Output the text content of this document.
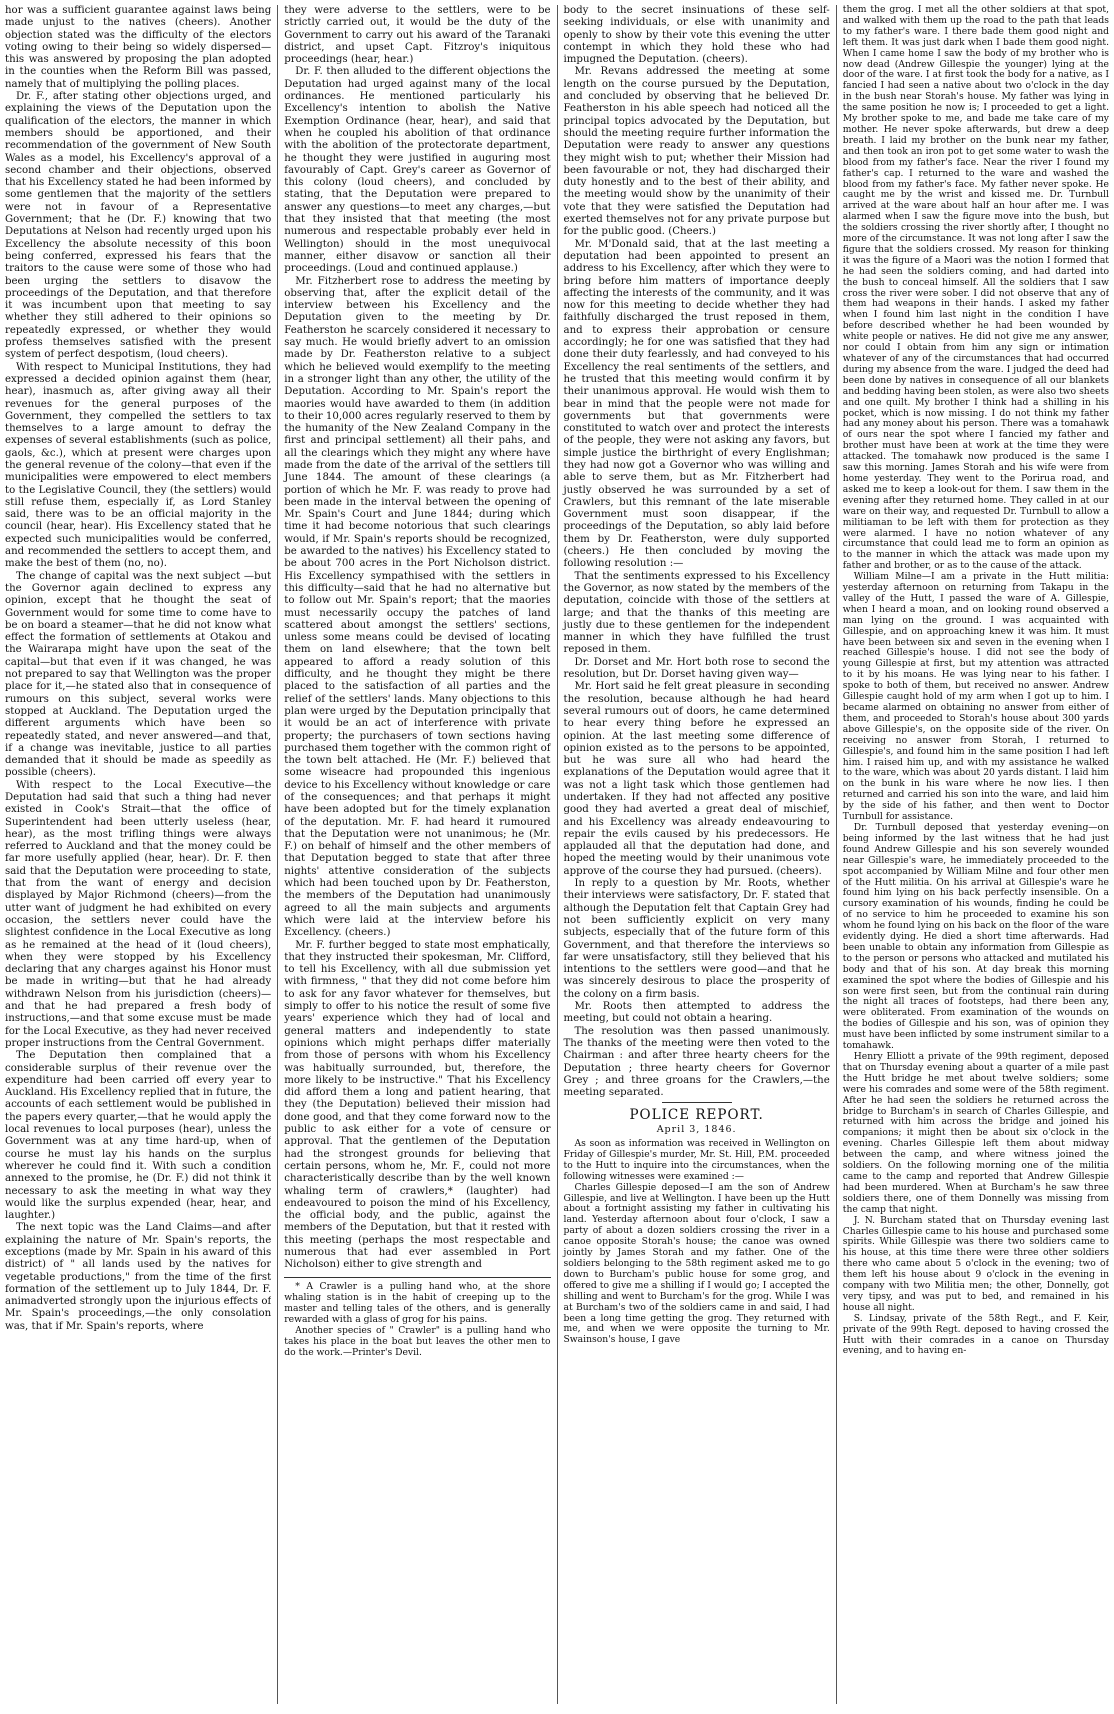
hor was a sufficient guarantee against laws being made unjust to the natives (cheers). Another objection stated was the difficulty of the electors voting owing to their being so widely dispersed—this was answered by proposing the plan adopted in the counties when the Reform Bill was passed, namely that of multiplying the polling places.

Dr. F., after stating other objections urged, and explaining the views of the Deputation upon the qualification of the electors, the manner in which members should be apportioned, and their recommendation of the government of New South Wales as a model, his Excellency's approval of a second chamber and their objections, observed that his Excellency stated he had been informed by some gentlemen that the majority of the settlers were not in favour of a Representative Government; that he (Dr. F.) knowing that two Deputations at Nelson had recently urged upon his Excellency the absolute necessity of this boon being conferred, expressed his fears that the traitors to the cause were some of those who had been urging the settlers to disavow the proceedings of the Deputation, and that therefore it was incumbent upon that meeting to say whether they still adhered to their opinions so repeatedly expressed, or whether they would profess themselves satisfied with the present system of perfect despotism, (loud cheers).

With respect to Municipal Institutions, they had expressed a decided opinion against them (hear, hear), inasmuch as, after giving away all their revenues for the general purposes of the Government, they compelled the settlers to tax themselves to a large amount to defray the expenses of several establishments (such as police, gaols, &c.), which at present were charges upon the general revenue of the colony—that even if the municipalities were empowered to elect members to the Legislative Council, they (the settlers) would still refuse them, especially if, as Lord Stanley said, there was to be an official majority in the council (hear, hear). His Excellency stated that he expected such municipalities would be conferred, and recommended the settlers to accept them, and make the best of them (no, no).

The change of capital was the next subject —but the Governor again declined to express any opinion, except that he thought the seat of Government would for some time to come have to be on board a steamer—that he did not know what effect the formation of settlements at Otakou and the Wairarapa might have upon the seat of the capital—but that even if it was changed, he was not prepared to say that Wellington was the proper place for it,—he stated also that in consequence of rumours on this subject, several works were stopped at Auckland. The Deputation urged the different arguments which have been so repeatedly stated, and never answered—and that, if a change was inevitable, justice to all parties demanded that it should be made as speedily as possible (cheers).

With respect to the Local Executive—the Deputation had said that such a thing had never existed in Cook's Strait—that the office of Superintendent had been utterly useless (hear, hear), as the most trifling things were always referred to Auckland and that the money could be far more usefully applied (hear, hear). Dr. F. then said that the Deputation were proceeding to state, that from the want of energy and decision displayed by Major Richmond (cheers)—from the utter want of judgment he had exhibited on every occasion, the settlers never could have the slightest confidence in the Local Executive as long as he remained at the head of it (loud cheers), when they were stopped by his Excellency declaring that any charges against his Honor must be made in writing—but that he had already withdrawn Nelson from his jurisdiction (cheers)—and that he had prepared a fresh body of instructions,—and that some excuse must be made for the Local Executive, as they had never received proper instructions from the Central Government.

The Deputation then complained that a considerable surplus of their revenue over the expenditure had been carried off every year to Auckland. His Excellency replied that in future, the accounts of each settlement would be published in the papers every quarter,—that he would apply the local revenues to local purposes (hear), unless the Government was at any time hard-up, when of course he must lay his hands on the surplus wherever he could find it. With such a condition annexed to the promise, he (Dr. F.) did not think it necessary to ask the meeting in what way they would like the surplus expended (hear, hear, and laughter.)

The next topic was the Land Claims—and after explaining the nature of Mr. Spain's reports, the exceptions (made by Mr. Spain in his award of this district) of " all lands used by the natives for vegetable productions," from the time of the first formation of the settlement up to July 1844, Dr. F. animadverted strongly upon the injurious effects of Mr. Spain's proceedings,—the only consolation was, that if Mr. Spain's reports, where

they were adverse to the settlers, were to be strictly carried out, it would be the duty of the Government to carry out his award of the Taranaki district, and upset Capt. Fitzroy's iniquitous proceedings (hear, hear.)

Dr. F. then alluded to the different objections the Deputation had urged against many of the local ordinances. He mentioned particularly his Excellency's intention to abolish the Native Exemption Ordinance (hear, hear), and said that when he coupled his abolition of that ordinance with the abolition of the protectorate department, he thought they were justified in auguring most favourably of Capt. Grey's career as Governor of this colony (loud cheers), and concluded by stating, that the Deputation were prepared to answer any questions—to meet any charges,—but that they insisted that that meeting (the most numerous and respectable probably ever held in Wellington) should in the most unequivocal manner, either disavow or sanction all their proceedings. (Loud and continued applause.)

Mr. Fitzherbert rose to address the meeting by observing that, after the explicit detail of the interview between his Excellency and the Deputation given to the meeting by Dr. Featherston he scarcely considered it necessary to say much. He would briefly advert to an omission made by Dr. Featherston relative to a subject which he believed would exemplify to the meeting in a stronger light than any other, the utility of the Deputation. According to Mr. Spain's report the maories would have awarded to them (in addition to their 10,000 acres regularly reserved to them by the humanity of the New Zealand Company in the first and principal settlement) all their pahs, and all the clearings which they might any where have made from the date of the arrival of the settlers till June 1844. The amount of these clearings (a portion of which he Mr. F. was ready to prove had been made in the interval between the opening of Mr. Spain's Court and June 1844; during which time it had become notorious that such clearings would, if Mr. Spain's reports should be recognized, be awarded to the natives) his Excellency stated to be about 700 acres in the Port Nicholson district. His Excellency sympathised with the settlers in this difficulty—said that he had no alternative but to follow out Mr. Spain's report; that the maories must necessarily occupy the patches of land scattered about amongst the settlers' sections, unless some means could be devised of locating them on land elsewhere; that the town belt appeared to afford a ready solution of this difficulty, and he thought they might be there placed to the satisfaction of all parties and the relief of the settlers' lands. Many objections to this plan were urged by the Deputation principally that it would be an act of interference with private property; the purchasers of town sections having purchased them together with the common right of the town belt attached. He (Mr. F.) believed that some wiseacre had propounded this ingenious device to his Excellency without knowledge or care of the consequences; and that perhaps it might have been adopted but for the timely explanation of the deputation. Mr. F. had heard it rumoured that the Deputation were not unanimous; he (Mr. F.) on behalf of himself and the other members of that Deputation begged to state that after three nights' attentive consideration of the subjects which had been touched upon by Dr. Featherston, the members of the Deputation had unanimously agreed to all the main subjects and arguments which were laid at the interview before his Excellency. (cheers.)

Mr. F. further begged to state most emphatically, that they instructed their spokesman, Mr. Clifford, to tell his Excellency, with all due submission yet with firmness, " that they did not come before him to ask for any favor whatever for themselves, but simply to offer to his notice the result of some five years' experience which they had of local and general matters and independently to state opinions which might perhaps differ materially from those of persons with whom his Excellency was habitually surrounded, but, therefore, the more likely to be instructive." That his Excellency did afford them a long and patient hearing, that they (the Deputation) believed their mission had done good, and that they come forward now to the public to ask either for a vote of censure or approval. That the gentlemen of the Deputation had the strongest grounds for believing that certain persons, whom he, Mr. F., could not more characteristically describe than by the well known whaling term of crawlers,* (laughter) had endeavoured to poison the mind of his Excellency, the official body, and the public, against the members of the Deputation, but that it rested with this meeting (perhaps the most respectable and numerous that had ever assembled in Port Nicholson) either to give strength and

* A Crawler is a pulling hand who, at the shore whaling station is in the habit of creeping up to the master and telling tales of the others, and is generally rewarded with a glass of grog for his pains.

Another species of " Crawler" is a pulling hand who takes his place in the boat but leaves the other men to do the work.—Printer's Devil.

body to the secret insinuations of these self-seeking individuals, or else with unanimity and openly to show by their vote this evening the utter contempt in which they hold these who had impugned the Deputation. (cheers).

Mr. Revans addressed the meeting at some length on the course pursued by the Deputation, and concluded by observing that he believed Dr. Featherston in his able speech had noticed all the principal topics advocated by the Deputation, but should the meeting require further information the Deputation were ready to answer any questions they might wish to put; whether their Mission had been favourable or not, they had discharged their duty honestly and to the best of their ability, and the meeting would show by the unanimity of their vote that they were satisfied the Deputation had exerted themselves not for any private purpose but for the public good. (Cheers.)

Mr. M'Donald said, that at the last meeting a deputation had been appointed to present an address to his Excellency, after which they were to bring before him matters of importance deeply affecting the interests of the community, and it was now for this meeting to decide whether they had faithfully discharged the trust reposed in them, and to express their approbation or censure accordingly; he for one was satisfied that they had done their duty fearlessly, and had conveyed to his Excellency the real sentiments of the settlers, and he trusted that this meeting would confirm it by their unanimous approval. He would wish them to bear in mind that the people were not made for governments but that governments were constituted to watch over and protect the interests of the people, they were not asking any favors, but simple justice the birthright of every Englishman; they had now got a Governor who was willing and able to serve them, but as Mr. Fitzherbert had justly observed he was surrounded by a set of Crawlers, but this remnant of the late miserable Government must soon disappear, if the proceedings of the Deputation, so ably laid before them by Dr. Featherston, were duly supported (cheers.) He then concluded by moving the following resolution :—

That the sentiments expressed to his Excellency the Governor, as now stated by the members of the deputation, coincide with those of the settlers at large; and that the thanks of this meeting are justly due to these gentlemen for the independent manner in which they have fulfilled the trust reposed in them.

Dr. Dorset and Mr. Hort both rose to second the resolution, but Dr. Dorset having given way—

Mr. Hort said he felt great pleasure in seconding the resolution, because although he had heard several rumours out of doors, he came determined to hear every thing before he expressed an opinion. At the last meeting some difference of opinion existed as to the persons to be appointed, but he was sure all who had heard the explanations of the Deputation would agree that it was not a light task which those gentlemen had undertaken. If they had not affected any positive good they had averted a great deal of mischief, and his Excellency was already endeavouring to repair the evils caused by his predecessors. He applauded all that the deputation had done, and hoped the meeting would by their unanimous vote approve of the course they had pursued. (cheers).

In reply to a question by Mr. Roots, whether their interviews were satisfactory, Dr. F. stated that although the Deputation felt that Captain Grey had not been sufficiently explicit on very many subjects, especially that of the future form of this Government, and that therefore the interviews so far were unsatisfactory, still they believed that his intentions to the settlers were good—and that he was sincerely desirous to place the prosperity of the colony on a firm basis.

Mr. Roots then attempted to address the meeting, but could not obtain a hearing.

The resolution was then passed unanimously. The thanks of the meeting were then voted to the Chairman : and after three hearty cheers for the Deputation ; three hearty cheers for Governor Grey ; and three groans for the Crawlers,—the meeting separated.

POLICE REPORT.
April 3, 1846.

As soon as information was received in Wellington on Friday of Gillespie's murder, Mr. St. Hill, P.M. proceeded to the Hutt to inquire into the circumstances, when the following witnesses were examined :—

Charles Gillespie deposed—I am the son of Andrew Gillespie, and live at Wellington. I have been up the Hutt about a fortnight assisting my father in cultivating his land. Yesterday afternoon about four o'clock, I saw a party of about a dozen soldiers crossing the river in a canoe opposite Storah's house; the canoe was owned jointly by James Storah and my father. One of the soldiers belonging to the 58th regiment asked me to go down to Burcham's public house for some grog, and offered to give me a shilling if I would go; I accepted the shilling and went to Burcham's for the grog. While I was at Burcham's two of the soldiers came in and said, I had been a long time getting the grog. They returned with me, and when we were opposite the turning to Mr. Swainson's house, I gave

them the grog. I met all the other soldiers at that spot, and walked with them up the road to the path that leads to my father's ware. I there bade them good night and left them. It was just dark when I bade them good night. When I came home I saw the body of my brother who is now dead (Andrew Gillespie the younger) lying at the door of the ware. I at first took the body for a native, as I fancied I had seen a native about two o'clock in the day in the bush near Storah's house. My father was lying in the same position he now is; I proceeded to get a light. My brother spoke to me, and bade me take care of my mother. He never spoke afterwards, but drew a deep breath. I laid my brother on the bunk near my father, and then took an iron pot to get some water to wash the blood from my father's face. Near the river I found my father's cap. I returned to the ware and washed the blood from my father's face. My father never spoke. He caught me by the wrist and kissed me. Dr. Turnbull arrived at the ware about half an hour after me. I was alarmed when I saw the figure move into the bush, but the soldiers crossing the river shortly after, I thought no more of the circumstance. It was not long after I saw the figure that the soldiers crossed. My reason for thinking it was the figure of a Maori was the notion I formed that he had seen the soldiers coming, and had darted into the bush to conceal himself. All the soldiers that I saw cross the river were sober. I did not observe that any of them had weapons in their hands. I asked my father when I found him last night in the condition I have before described whether he had been wounded by white people or natives. He did not give me any answer, nor could I obtain from him any sign or intimation whatever of any of the circumstances that had occurred during my absence from the ware. I judged the deed had been done by natives in consequence of all our blankets and bedding having been stolen, as were also two sheets and one quilt. My brother I think had a shilling in his pocket, which is now missing. I do not think my father had any money about his person. There was a tomahawk of ours near the spot where I fancied my father and brother must have been at work at the time they were attacked. The tomahawk now produced is the same I saw this morning. James Storah and his wife were from home yesterday. They went to the Porirua road, and asked me to keep a look-out for them. I saw them in the evening after they returned home. They called in at our ware on their way, and requested Dr. Turnbull to allow a militiaman to be left with them for protection as they were alarmed. I have no notion whatever of any circumstance that could lead me to form an opinion as to the manner in which the attack was made upon my father and brother, or as to the cause of the attack.

William Milne—I am a private in the Hutt militia: yesterday afternoon on returning from Takapu in the valley of the Hutt, I passed the ware of A. Gillespie, when I heard a moan, and on looking round observed a man lying on the ground. I was acquainted with Gillespie, and on approaching knew it was him. It must have been between six and seven in the evening when I reached Gillespie's house. I did not see the body of young Gillespie at first, but my attention was attracted to it by his moans. He was lying near to his father. I spoke to both of them, but received no answer. Andrew Gillespie caught hold of my arm when I got up to him. I became alarmed on obtaining no answer from either of them, and proceeded to Storah's house about 300 yards above Gillespie's, on the opposite side of the river. On receiving no answer from Storah, I returned to Gillespie's, and found him in the same position I had left him. I raised him up, and with my assistance he walked to the ware, which was about 20 yards distant. I laid him on the bunk in his ware where he now lies. I then returned and carried his son into the ware, and laid him by the side of his father, and then went to Doctor Turnbull for assistance.

Dr. Turnbull deposed that yesterday evening—on being informed by the last witness that he had just found Andrew Gillespie and his son severely wounded near Gillespie's ware, he immediately proceeded to the spot accompanied by William Milne and four other men of the Hutt militia. On his arrival at Gillespie's ware he found him lying on his back perfectly insensible. On a cursory examination of his wounds, finding he could be of no service to him he proceeded to examine his son whom he found lying on his back on the floor of the ware evidently dying. He died a short time afterwards. Had been unable to obtain any information from Gillespie as to the person or persons who attacked and mutilated his body and that of his son. At day break this morning examined the spot where the bodies of Gillespie and his son were first seen, but from the continual rain during the night all traces of footsteps, had there been any, were obliterated. From examination of the wounds on the bodies of Gillespie and his son, was of opinion they must have been inflicted by some instrument similar to a tomahawk.

Henry Elliott a private of the 99th regiment, deposed that on Thursday evening about a quarter of a mile past the Hutt bridge he met about twelve soldiers; some were his comrades and some were of the 58th regiment. After he had seen the soldiers he returned across the bridge to Burcham's in search of Charles Gillespie, and returned with him across the bridge and joined his companions; it might then be about six o'clock in the evening. Charles Gillespie left them about midway between the camp, and where witness joined the soldiers. On the following morning one of the militia came to the camp and reported that Andrew Gillespie had been murdered. When at Burcham's he saw three soldiers there, one of them Donnelly was missing from the camp that night.

J. N. Burcham stated that on Thursday evening last Charles Gillespie came to his house and purchased some spirits. While Gillespie was there two soldiers came to his house, at this time there were three other soldiers there who came about 5 o'clock in the evening; two of them left his house about 9 o'clock in the evening in company with two Militia men; the other, Donnelly, got very tipsy, and was put to bed, and remained in his house all night.

S. Lindsay, private of the 58th Regt., and F. Keir, private of the 99th Regt. deposed to having crossed the Hutt with their comrades in a canoe on Thursday evening, and to having en-
